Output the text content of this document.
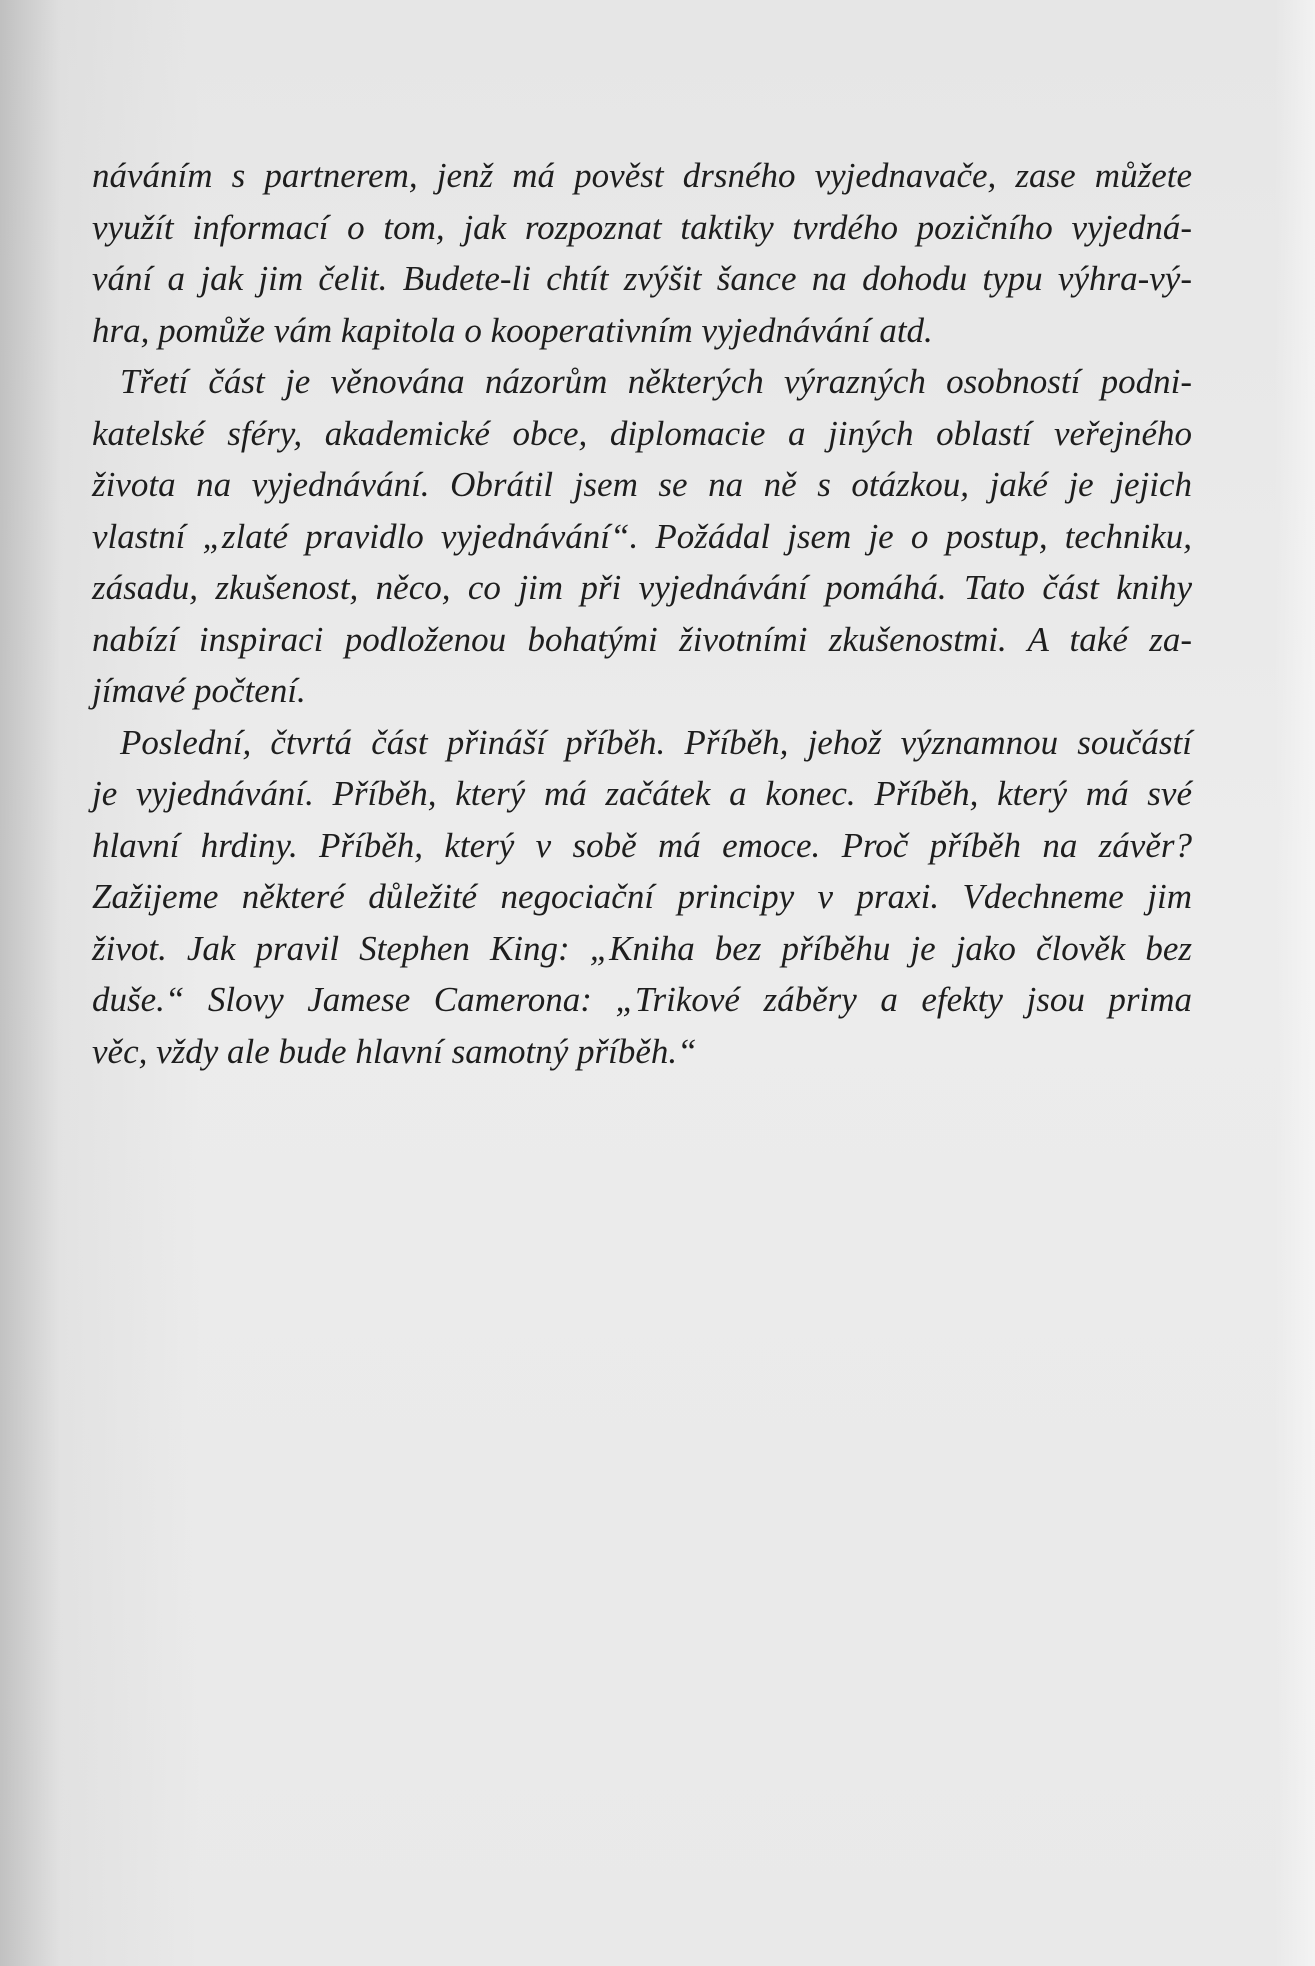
náváním s partnerem, jenž má pověst drsného vyjednavače, zase můžete
využít informací o tom, jak rozpoznat taktiky tvrdého pozičního vyjedná-
vání a jak jim čelit. Budete-li chtít zvýšit šance na dohodu typu výhra-vý-
hra, pomůže vám kapitola o kooperativním vyjednávání atd.

Třetí část je věnována názorům některých výrazných osobností podni-
katelské sféry, akademické obce, diplomacie a jiných oblastí veřejného
života na vyjednávání. Obrátil jsem se na ně s otázkou, jaké je jejich
vlastní „zlaté pravidlo vyjednávání“. Požádal jsem je o postup, techniku,
zásadu, zkušenost, něco, co jim při vyjednávání pomáhá. Tato část knihy
nabízí inspiraci podloženou bohatými životními zkušenostmi. A také za-
jímavé počtení.

Poslední, čtvrtá část přináší příběh. Příběh, jehož významnou součástí
je vyjednávání. Příběh, který má začátek a konec. Příběh, který má své
hlavní hrdiny. Příběh, který v sobě má emoce. Proč příběh na závěr?
Zažijeme některé důležité negociační principy v praxi. Vdechneme jim
život. Jak pravil Stephen King: „Kniha bez příběhu je jako člověk bez
duše.“ Slovy Jamese Camerona: „Trikové záběry a efekty jsou prima
věc, vždy ale bude hlavní samotný příběh.“
